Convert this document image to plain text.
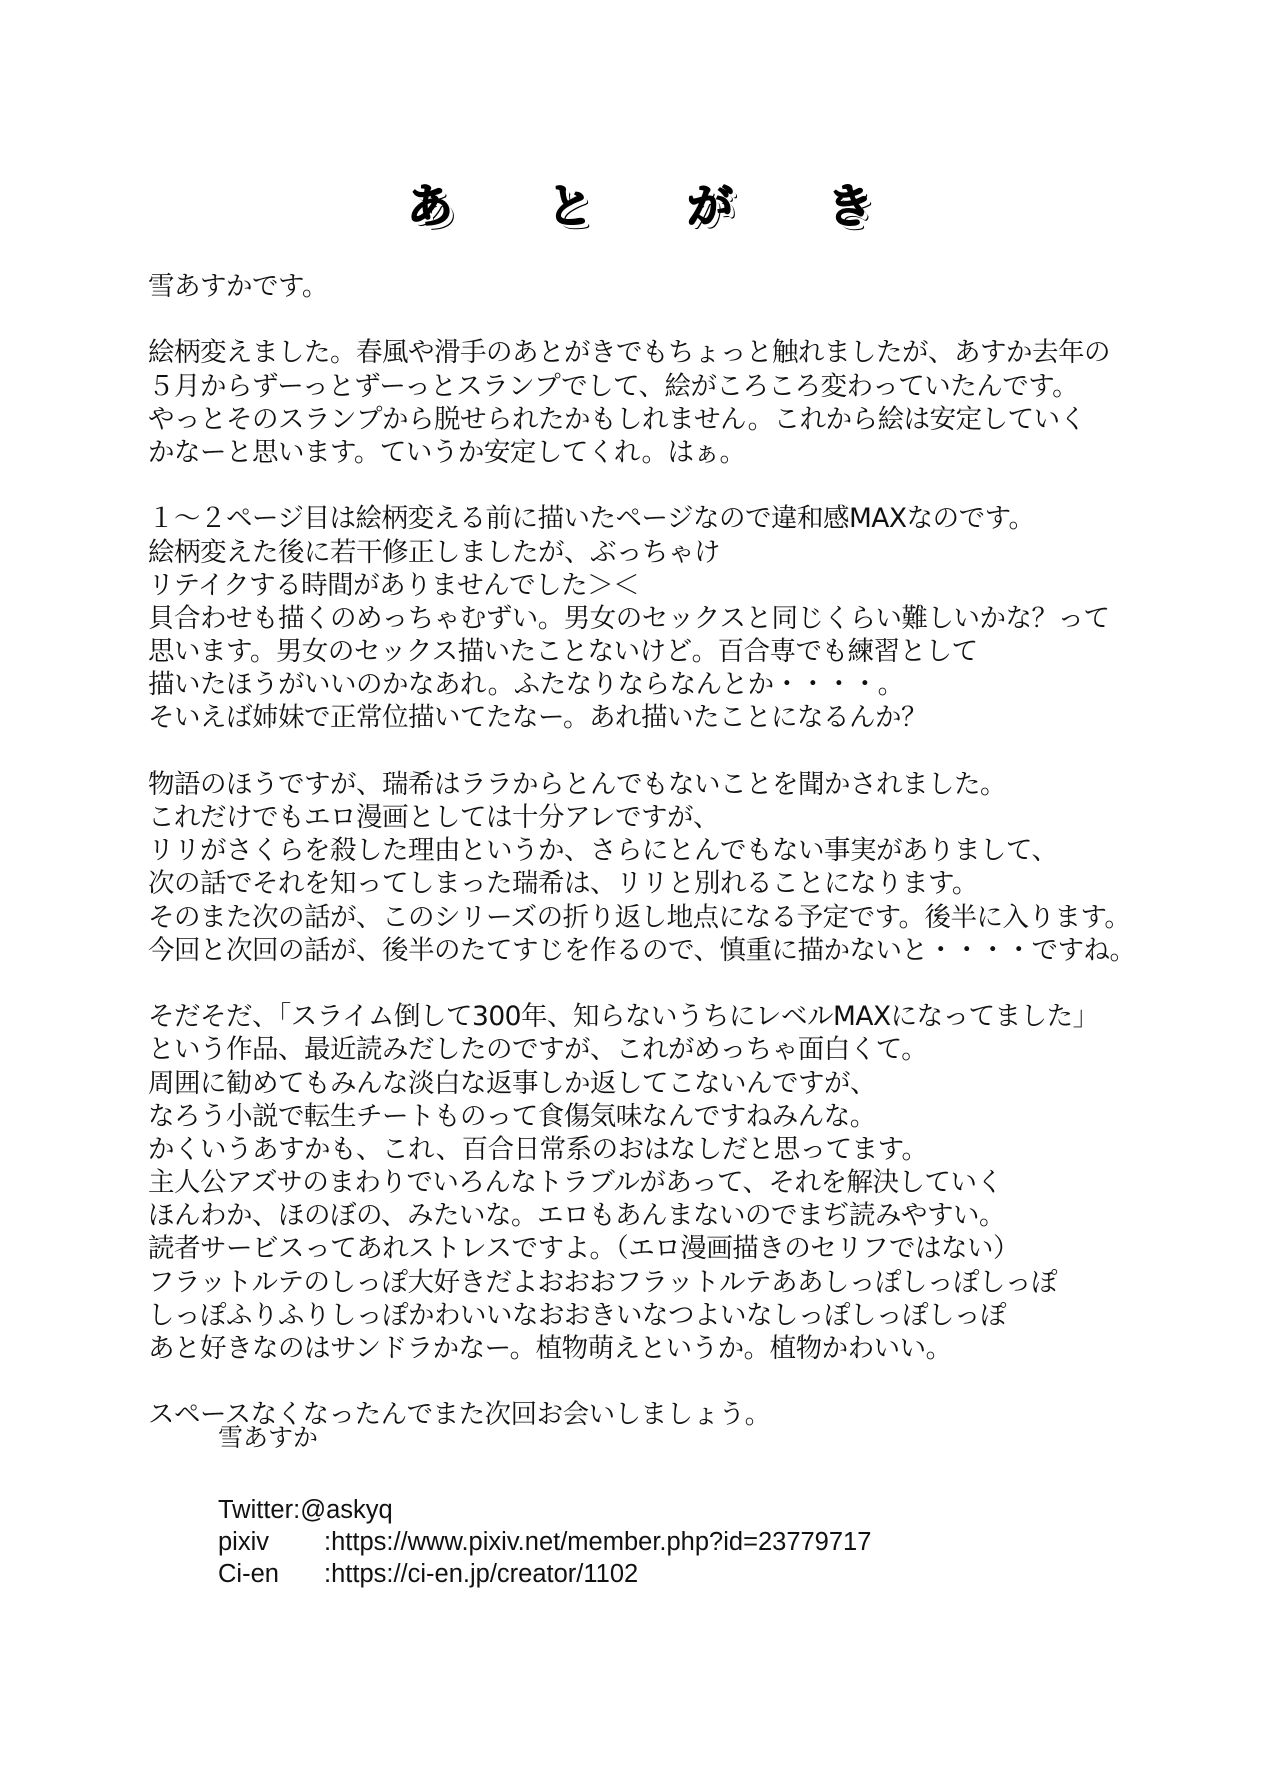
あ	と	が	き
雪あすかです。
絵柄変えました。春風や滑手のあとがきでもちょっと触れましたが、あすか去年の
５月からずーっとずーっとスランプでして、絵がころころ変わっていたんです。
やっとそのスランプから脱せられたかもしれません。これから絵は安定していく
かなーと思います。ていうか安定してくれ。はぁ。
１～２ページ目は絵柄変える前に描いたページなので違和感MAXなのです。
絵柄変えた後に若干修正しましたが、ぶっちゃけ
リテイクする時間がありませんでした＞＜
貝合わせも描くのめっちゃむずい。男女のセックスと同じくらい難しいかな？って
思います。男女のセックス描いたことないけど。百合専でも練習として
描いたほうがいいのかなあれ。ふたなりならなんとか・・・・。
そいえば姉妹で正常位描いてたなー。あれ描いたことになるんか？
物語のほうですが、瑞希はララからとんでもないことを聞かされました。
これだけでもエロ漫画としては十分アレですが、
リリがさくらを殺した理由というか、さらにとんでもない事実がありまして、
次の話でそれを知ってしまった瑞希は、リリと別れることになります。
そのまた次の話が、このシリーズの折り返し地点になる予定です。後半に入ります。
今回と次回の話が、後半のたてすじを作るので、慎重に描かないと・・・・ですね。
そだそだ、「スライム倒して300年、知らないうちにレベルMAXになってました」
という作品、最近読みだしたのですが、これがめっちゃ面白くて。
周囲に勧めてもみんな淡白な返事しか返してこないんですが、
なろう小説で転生チートものって食傷気味なんですねみんな。
かくいうあすかも、これ、百合日常系のおはなしだと思ってます。
主人公アズサのまわりでいろんなトラブルがあって、それを解決していく
ほんわか、ほのぼの、みたいな。エロもあんまないのでまぢ読みやすい。
読者サービスってあれストレスですよ。（エロ漫画描きのセリフではない）
フラットルテのしっぽ大好きだよおおおフラットルテああしっぽしっぽしっぽ
しっぽふりふりしっぽかわいいなおおきいなつよいなしっぽしっぽしっぽ
あと好きなのはサンドラかなー。植物萌えというか。植物かわいい。
スペースなくなったんでまた次回お会いしましょう。
雪あすか
Twitter : @askyq
pixiv	: https://www.pixiv.net/member.php?id=23779717
Ci-en	: https://ci-en.jp/creator/1102
